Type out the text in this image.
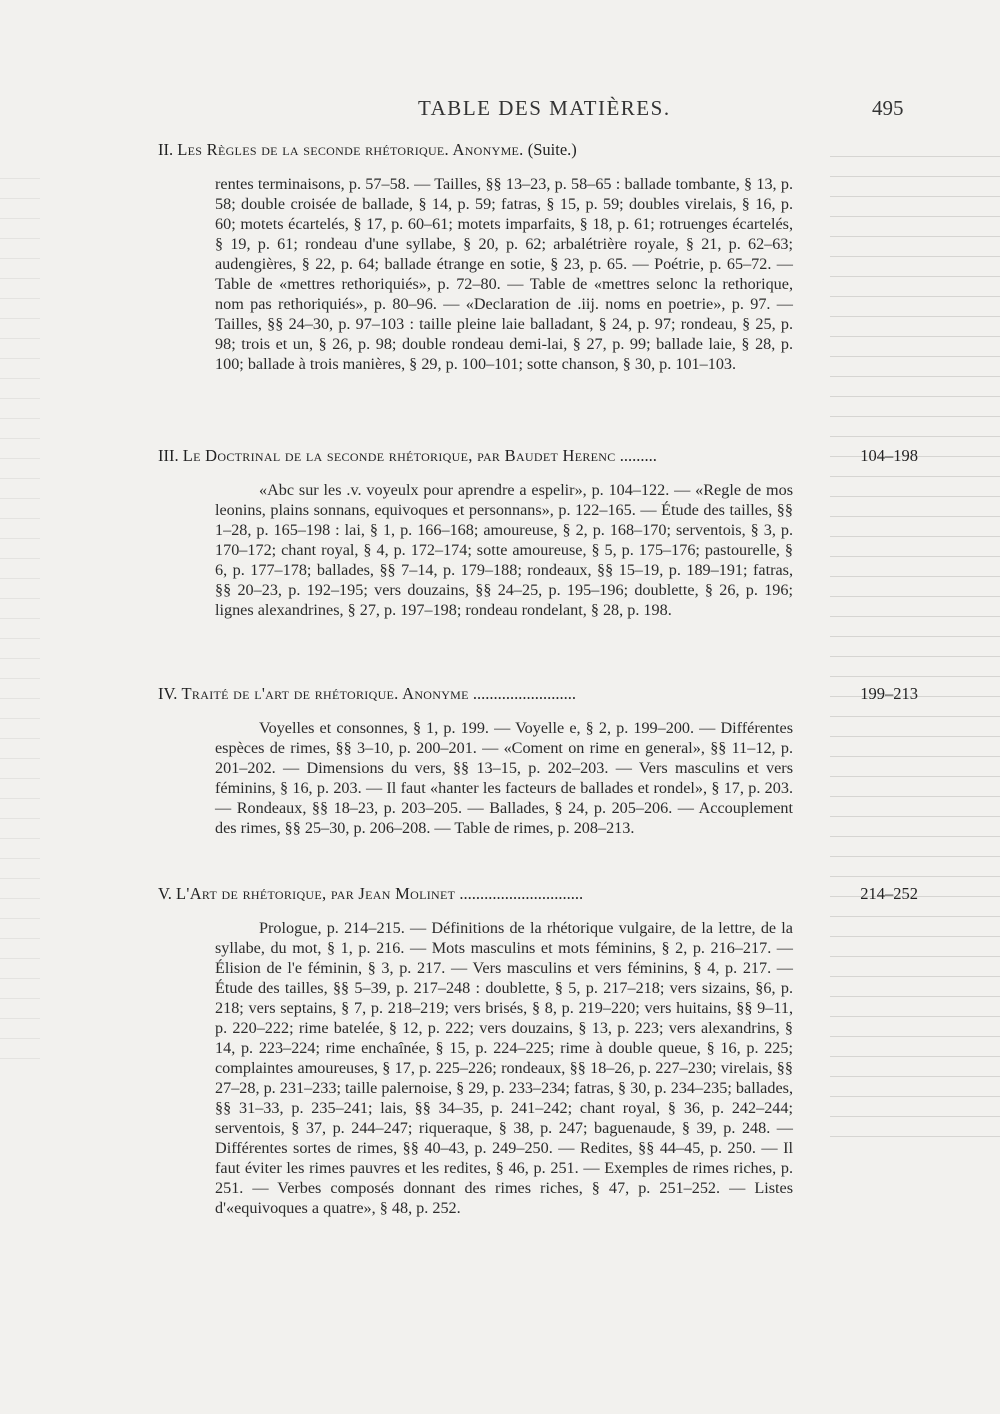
TABLE DES MATIÈRES.	495
II. Les Règles de la seconde rhétorique. Anonyme. (Suite.)
rentes terminaisons, p. 57–58. — Tailles, §§ 13–23, p. 58–65 : ballade tombante, § 13, p. 58; double croisée de ballade, § 14, p. 59; fatras, § 15, p. 59; doubles virelais, § 16, p. 60; motets écartelés, § 17, p. 60–61; motets imparfaits, § 18, p. 61; rotruenges écartelés, § 19, p. 61; rondeau d'une syllabe, § 20, p. 62; arbalétrière royale, § 21, p. 62–63; audengières, § 22, p. 64; ballade étrange en sotie, § 23, p. 65. — Poétrie, p. 65–72. — Table de «mettres rethoriquiés», p. 72–80. — Table de «mettres selonc la rethorique, nom pas rethoriquiés», p. 80–96. — «Declaration de .iij. noms en poetrie», p. 97. — Tailles, §§ 24–30, p. 97–103 : taille pleine laie balladant, § 24, p. 97; rondeau, § 25, p. 98; trois et un, § 26, p. 98; double rondeau demi-lai, § 27, p. 99; ballade laie, § 28, p. 100; ballade à trois manières, § 29, p. 100–101; sotte chanson, § 30, p. 101–103.
III. Le Doctrinal de la seconde rhétorique, par Baudet Herenc .........	104–198
«Abc sur les .v. voyeulx pour aprendre a espelir», p. 104–122. — «Regle de mos leonins, plains sonnans, equivoques et personnans», p. 122–165. — Étude des tailles, §§ 1–28, p. 165–198 : lai, § 1, p. 166–168; amoureuse, § 2, p. 168–170; serventois, § 3, p. 170–172; chant royal, § 4, p. 172–174; sotte amoureuse, § 5, p. 175–176; pastourelle, § 6, p. 177–178; ballades, §§ 7–14, p. 179–188; rondeaux, §§ 15–19, p. 189–191; fatras, §§ 20–23, p. 192–195; vers douzains, §§ 24–25, p. 195–196; doublette, § 26, p. 196; lignes alexandrines, § 27, p. 197–198; rondeau rondelant, § 28, p. 198.
IV. Traité de l'art de rhétorique. Anonyme .........................	199–213
Voyelles et consonnes, § 1, p. 199. — Voyelle e, § 2, p. 199–200. — Différentes espèces de rimes, §§ 3–10, p. 200–201. — «Coment on rime en general», §§ 11–12, p. 201–202. — Dimensions du vers, §§ 13–15, p. 202–203. — Vers masculins et vers féminins, § 16, p. 203. — Il faut «hanter les facteurs de ballades et rondel», § 17, p. 203. — Rondeaux, §§ 18–23, p. 203–205. — Ballades, § 24, p. 205–206. — Accouplement des rimes, §§ 25–30, p. 206–208. — Table de rimes, p. 208–213.
V. L'Art de rhétorique, par Jean Molinet ..............................	214–252
Prologue, p. 214–215. — Définitions de la rhétorique vulgaire, de la lettre, de la syllabe, du mot, § 1, p. 216. — Mots masculins et mots féminins, § 2, p. 216–217. — Élision de l'e féminin, § 3, p. 217. — Vers masculins et vers féminins, § 4, p. 217. — Étude des tailles, §§ 5–39, p. 217–248 : doublette, § 5, p. 217–218; vers sizains, §6, p. 218; vers septains, § 7, p. 218–219; vers brisés, § 8, p. 219–220; vers huitains, §§ 9–11, p. 220–222; rime batelée, § 12, p. 222; vers douzains, § 13, p. 223; vers alexandrins, § 14, p. 223–224; rime enchaînée, § 15, p. 224–225; rime à double queue, § 16, p. 225; complaintes amoureuses, § 17, p. 225–226; rondeaux, §§ 18–26, p. 227–230; virelais, §§ 27–28, p. 231–233; taille palernoise, § 29, p. 233–234; fatras, § 30, p. 234–235; ballades, §§ 31–33, p. 235–241; lais, §§ 34–35, p. 241–242; chant royal, § 36, p. 242–244; serventois, § 37, p. 244–247; riqueraque, § 38, p. 247; baguenaude, § 39, p. 248. — Différentes sortes de rimes, §§ 40–43, p. 249–250. — Redites, §§ 44–45, p. 250. — Il faut éviter les rimes pauvres et les redites, § 46, p. 251. — Exemples de rimes riches, p. 251. — Verbes composés donnant des rimes riches, § 47, p. 251–252. — Listes d'«equivoques a quatre», § 48, p. 252.
